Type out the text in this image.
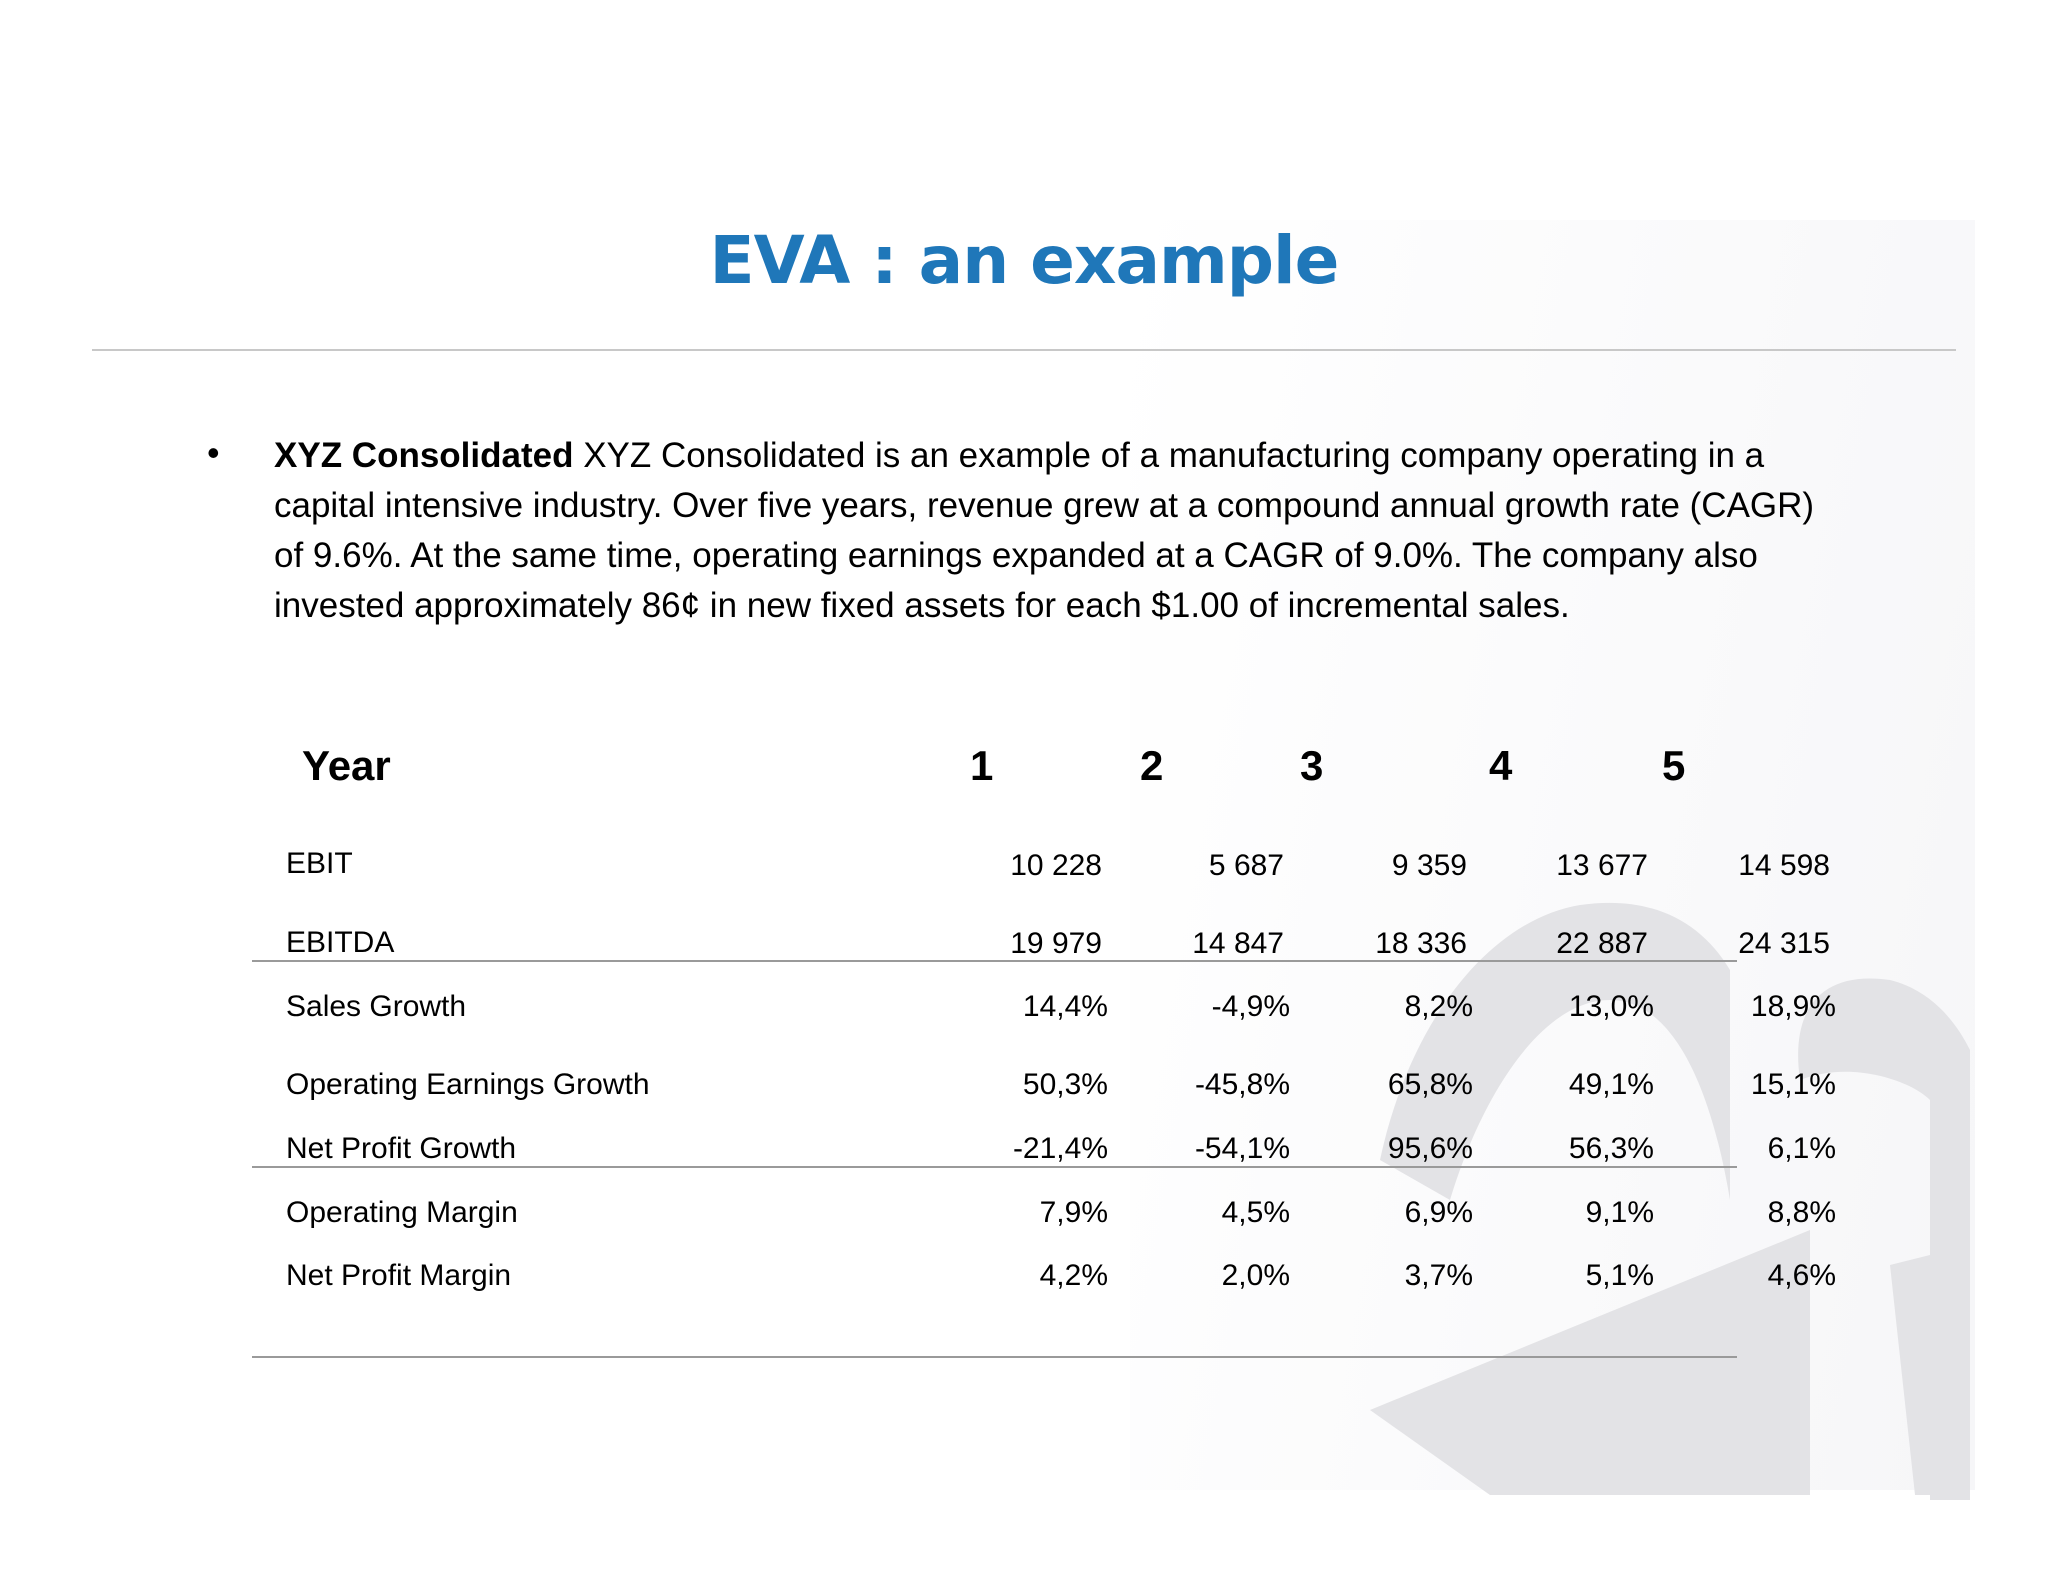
EVA : an example
• XYZ Consolidated XYZ Consolidated is an example of a manufacturing company operating in a capital intensive industry. Over five years, revenue grew at a compound annual growth rate (CAGR) of 9.6%. At the same time, operating earnings expanded at a CAGR of 9.0%. The company also invested approximately 86¢ in new fixed assets for each $1.00 of incremental sales.
Year	1	2	3	4	5
EBIT	10 228	5 687	9 359	13 677	14 598
EBITDA	19 979	14 847	18 336	22 887	24 315
Sales Growth	14,4%	-4,9%	8,2%	13,0%	18,9%
Operating Earnings Growth	50,3%	-45,8%	65,8%	49,1%	15,1%
Net Profit Growth	-21,4%	-54,1%	95,6%	56,3%	6,1%
Operating Margin	7,9%	4,5%	6,9%	9,1%	8,8%
Net Profit Margin	4,2%	2,0%	3,7%	5,1%	4,6%
